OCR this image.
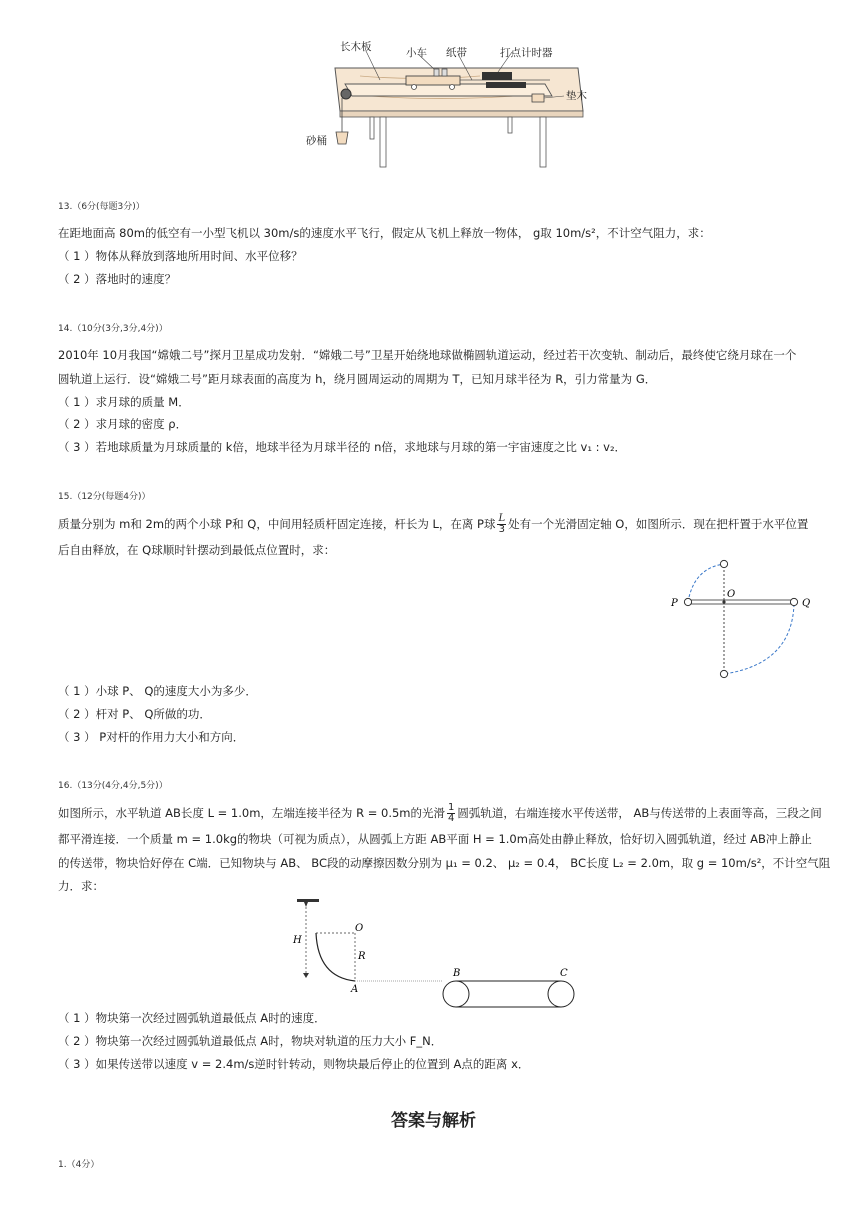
长木板	小车 纸带	打点计时器
垫木
砂桶
13.（6分(每题3分)）
在距地面高 80m的低空有一小型飞机以 30m/s的速度水平飞行，假定从飞机上释放一物体， g取 10m/s²，不计空气阻力，求：
（ 1 ）物体从释放到落地所用时间、水平位移？
（ 2 ）落地时的速度？
14.（10分(3分,3分,4分)）
2010年 10月我国“嫦娥二号”探月卫星成功发射．“嫦娥二号”卫星开始绕地球做椭圆轨道运动，经过若干次变轨、制动后，最终使它绕月球在一个
圆轨道上运行．设“嫦娥二号”距月球表面的高度为 h，绕月圆周运动的周期为 T，已知月球半径为 R，引力常量为 G．
（ 1 ）求月球的质量 M．
（ 2 ）求月球的密度 ρ．
（ 3 ）若地球质量为月球质量的 k倍，地球半径为月球半径的 n倍，求地球与月球的第一宇宙速度之比 v₁ : v₂．
15.（12分(每题4分)）
质量分别为 m和 2m的两个小球 P和 Q，中间用轻质杆固定连接，杆长为 L，在离 P球 $\frac{L}{3}$ 处有一个光滑固定轴 O，如图所示．现在把杆置于水平位置
后自由释放，在 Q球顺时针摆动到最低点位置时，求：
P
O
Q
（ 1 ）小球 P、 Q的速度大小为多少．
（ 2 ）杆对 P、 Q所做的功．
（ 3 ） P对杆的作用力大小和方向．
16.（13分(4分,4分,5分)）
如图所示，水平轨道 AB长度 L = 1.0m，左端连接半径为 R = 0.5m的光滑 $\frac{1}{4}$ 圆弧轨道，右端连接水平传送带， AB与传送带的上表面等高，三段之间
都平滑连接．一个质量 m = 1.0kg的物块（可视为质点），从圆弧上方距 AB平面 H = 1.0m高处由静止释放，恰好切入圆弧轨道，经过 AB冲上静止
的传送带，物块恰好停在 C端．已知物块与 AB、 BC段的动摩擦因数分别为 μ₁ = 0.2、 μ₂ = 0.4， BC长度 L₂ = 2.0m，取 g = 10m/s²，不计空气阻
力．求：
H
O
R
A
B	C
（ 1 ）物块第一次经过圆弧轨道最低点 A时的速度．
（ 2 ）物块第一次经过圆弧轨道最低点 A时，物块对轨道的压力大小 F_N．
（ 3 ）如果传送带以速度 v = 2.4m/s逆时针转动，则物块最后停止的位置到 A点的距离 x．
答案与解析
1.（4分）
